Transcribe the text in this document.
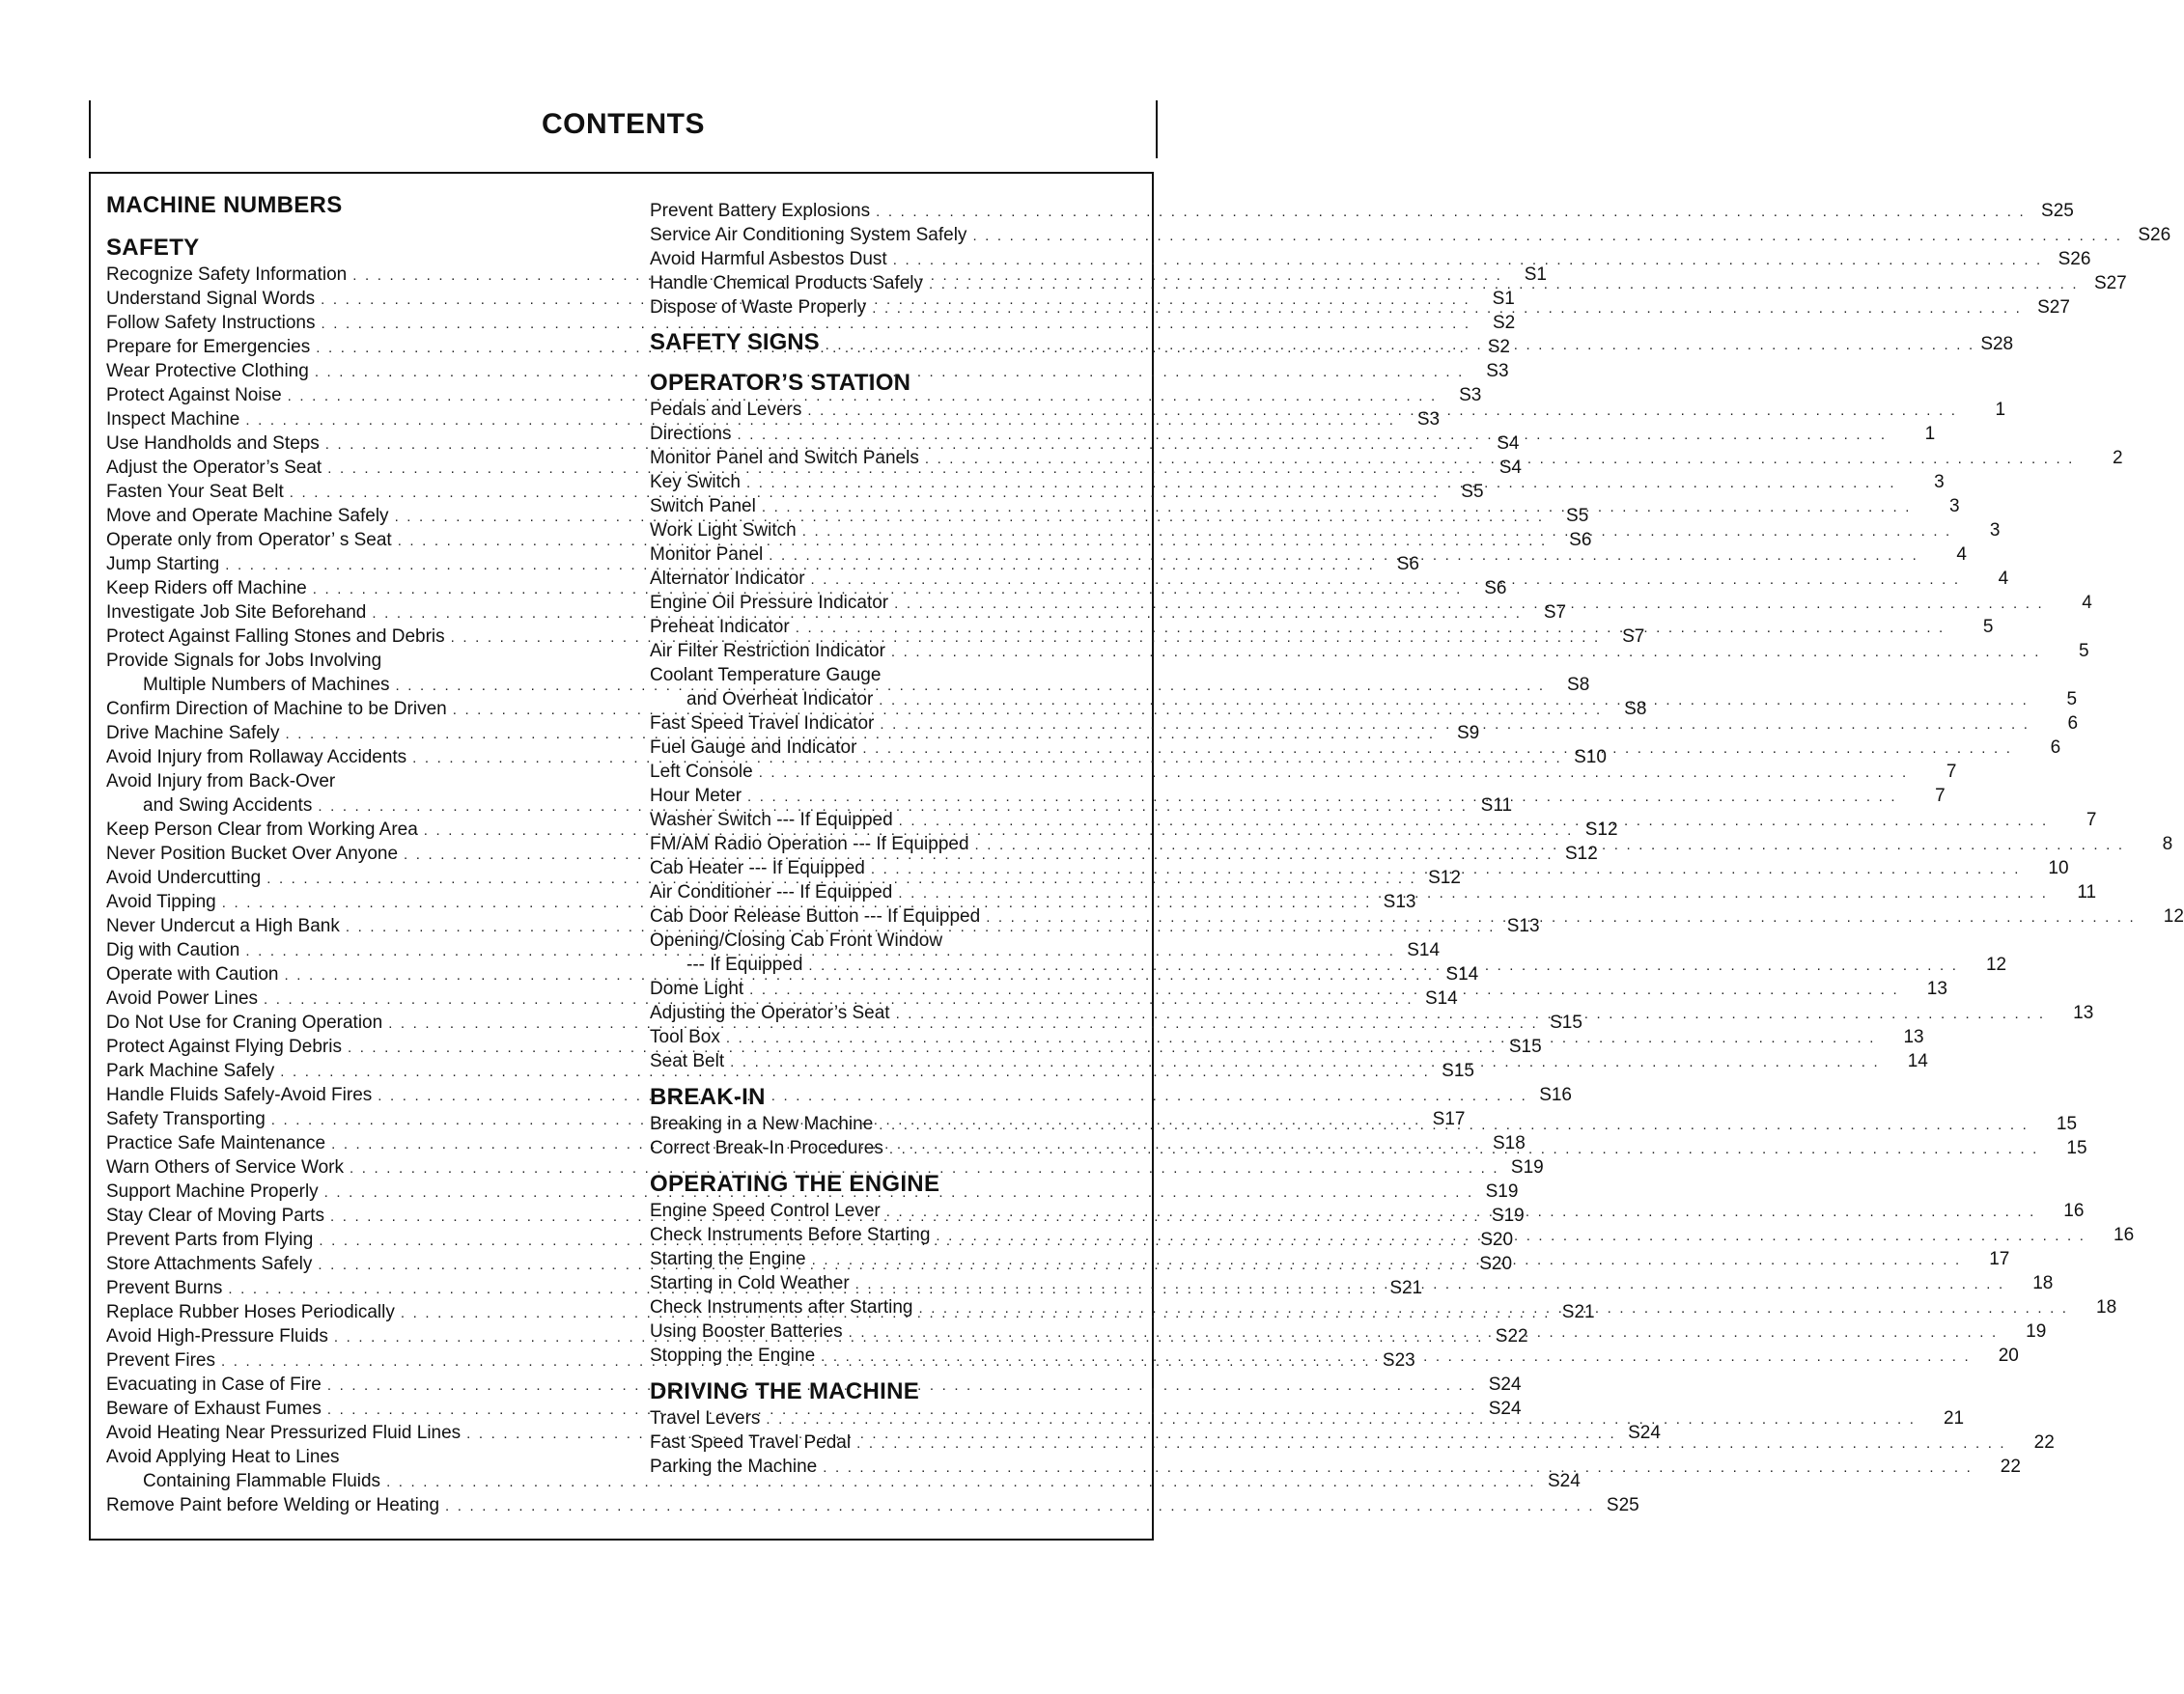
CONTENTS
MACHINE NUMBERS
SAFETY
Recognize Safety Information . . .	S1
Understand Signal Words . . .	S1
Follow Safety Instructions . . .	S2
Prepare for Emergencies . . .	S2
Wear Protective Clothing . . .	S3
Protect Against Noise . . .	S3
Inspect Machine . . .	S3
Use Handholds and Steps . . .	S4
Adjust the Operator’s Seat . . .	S4
Fasten Your Seat Belt . . .	S5
Move and Operate Machine Safely . . .	S5
Operate only from Operator’ s Seat . . .	S6
Jump Starting . . .	S6
Keep Riders off Machine . . .	S6
Investigate Job Site Beforehand . . .	S7
Protect Against Falling Stones and Debris . . .	S7
Provide Signals for Jobs Involving
Multiple Numbers of Machines . . .	S8
Confirm Direction of Machine to be Driven . . .	S8
Drive Machine Safely . . .	S9
Avoid Injury from Rollaway Accidents . . .	S10
Avoid Injury from Back-Over
and Swing Accidents . . .	S11
Keep Person Clear from Working Area . . .	S12
Never Position Bucket Over Anyone . . .	S12
Avoid Undercutting . . .	S12
Avoid Tipping . . .	S13
Never Undercut a High Bank . . .	S13
Dig with Caution . . .	S14
Operate with Caution . . .	S14
Avoid Power Lines . . .	S14
Do Not Use for Craning Operation . . .	S15
Protect Against Flying Debris . . .	S15
Park Machine Safely . . .	S15
Handle Fluids Safely-Avoid Fires . . .	S16
Safety Transporting . . .	S17
Practice Safe Maintenance . . .	S18
Warn Others of Service Work . . .	S19
Support Machine Properly . . .	S19
Stay Clear of Moving Parts . . .	S19
Prevent Parts from Flying . . .	S20
Store Attachments Safely . . .	S20
Prevent Burns . . .	S21
Replace Rubber Hoses Periodically . . .	S21
Avoid High-Pressure Fluids . . .	S22
Prevent Fires . . .	S23
Evacuating in Case of Fire . . .	S24
Beware of Exhaust Fumes . . .	S24
Avoid Heating Near Pressurized Fluid Lines . . .	S24
Avoid Applying Heat to Lines
Containing Flammable Fluids . . .	S24
Remove Paint before Welding or Heating . . .	S25
Prevent Battery Explosions . . .	S25
Service Air Conditioning System Safely . . .	S26
Avoid Harmful Asbestos Dust . . .	S26
Handle Chemical Products Safely . . .	S27
Dispose of Waste Properly . . .	S27
SAFETY SIGNS . . .	S28
OPERATOR’S STATION
Pedals and Levers . . .	1
Directions . . .	1
Monitor Panel and Switch Panels . . .	2
Key Switch . . .	3
Switch Panel . . .	3
Work Light Switch . . .	3
Monitor Panel . . .	4
Alternator Indicator . . .	4
Engine Oil Pressure Indicator . . .	4
Preheat Indicator . . .	5
Air Filter Restriction Indicator . . .	5
Coolant Temperature Gauge
and Overheat Indicator . . .	5
Fast Speed Travel Indicator . . .	6
Fuel Gauge and Indicator . . .	6
Left Console . . .	7
Hour Meter . . .	7
Washer Switch --- If Equipped . . .	7
FM/AM Radio Operation --- If Equipped . . .	8
Cab Heater --- If Equipped . . .	10
Air Conditioner --- If Equipped . . .	11
Cab Door Release Button --- If Equipped . . .	12
Opening/Closing Cab Front Window
--- If Equipped . . .	12
Dome Light . . .	13
Adjusting the Operator’s Seat . . .	13
Tool Box . . .	13
Seat Belt . . .	14
BREAK-IN
Breaking in a New Machine . . .	15
Correct Break-In Procedures . . .	15
OPERATING THE ENGINE
Engine Speed Control Lever . . .	16
Check Instruments Before Starting . . .	16
Starting the Engine . . .	17
Starting in Cold Weather . . .	18
Check Instruments after Starting . . .	18
Using Booster Batteries . . .	19
Stopping the Engine . . .	20
DRIVING THE MACHINE
Travel Levers . . .	21
Fast Speed Travel Pedal . . .	22
Parking the Machine . . .	22
